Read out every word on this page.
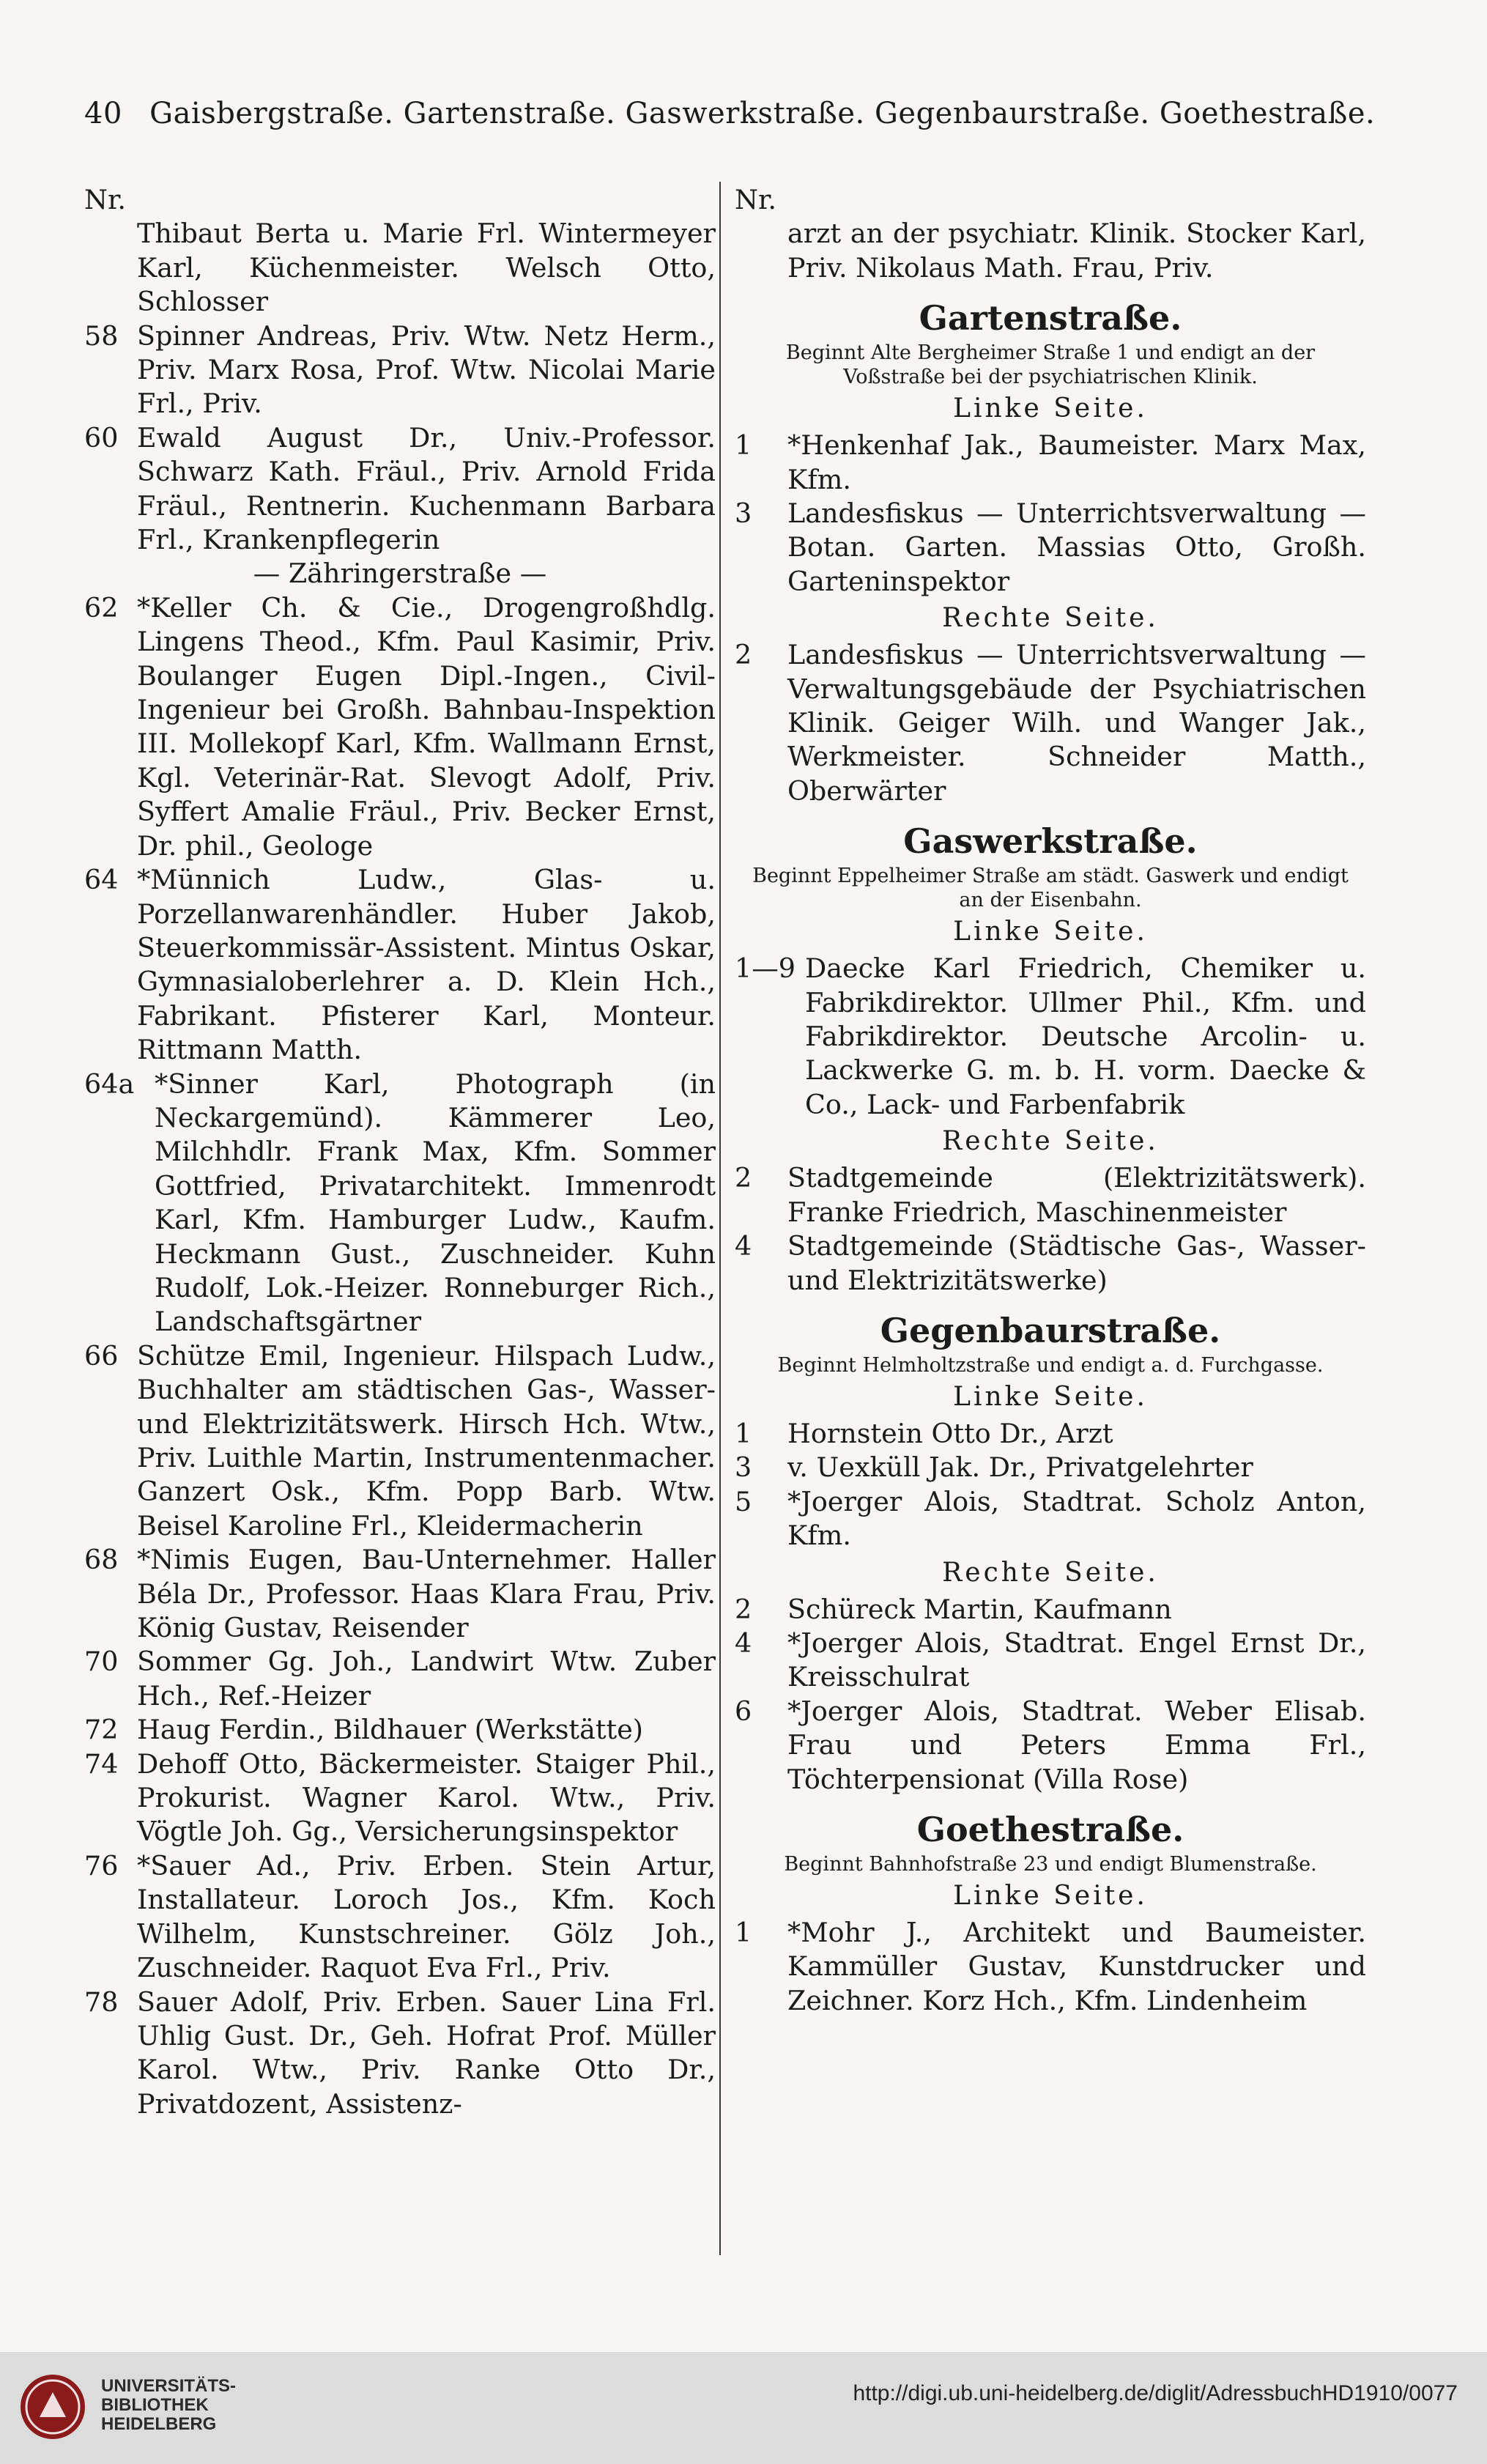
40 Gaisbergstraße. Gartenstraße. Gaswerkstraße. Gegenbaurstraße. Goethestraße.
Nr.
Thibaut Berta u. Marie Frl. Wintermeyer Karl, Küchenmeister. Welsch Otto, Schlosser
58 Spinner Andreas, Priv. Wtw. Netz Herm., Priv. Marx Rosa, Prof. Wtw. Nicolai Marie Frl., Priv.
60 Ewald August Dr., Univ.-Professor. Schwarz Kath. Fräul., Priv. Arnold Frida Fräul., Rentnerin. Kuchenmann Barbara Frl., Krankenpflegerin
— Zähringerstraße —
62 *Keller Ch. & Cie., Drogengroßhdlg. Lingens Theod., Kfm. Paul Kasimir, Priv. Boulanger Eugen Dipl.-Ingen., Civil-Ingenieur bei Großh. Bahnbau-Inspektion III. Mollekopf Karl, Kfm. Wallmann Ernst, Kgl. Veterinär-Rat. Slevogt Adolf, Priv. Syffert Amalie Fräul., Priv. Becker Ernst, Dr. phil., Geologe
64 *Münnich Ludw., Glas- u. Porzellanwarenhändler. Huber Jakob, Steuerkommissär-Assistent. Mintus Oskar, Gymnasialoberlehrer a. D. Klein Hch., Fabrikant. Pfisterer Karl, Monteur. Rittmann Matth.
64a *Sinner Karl, Photograph (in Neckargemünd). Kämmerer Leo, Milchhdlr. Frank Max, Kfm. Sommer Gottfried, Privatarchitekt. Immenrodt Karl, Kfm. Hamburger Ludw., Kaufm. Heckmann Gust., Zuschneider. Kuhn Rudolf, Lok.-Heizer. Ronneburger Rich., Landschaftsgärtner
66 Schütze Emil, Ingenieur. Hilspach Ludw., Buchhalter am städtischen Gas-, Wasser- und Elektrizitätswerk. Hirsch Hch. Wtw., Priv. Luithle Martin, Instrumentenmacher. Ganzert Osk., Kfm. Popp Barb. Wtw. Beisel Karoline Frl., Kleidermacherin
68 *Nimis Eugen, Bau-Unternehmer. Haller Béla Dr., Professor. Haas Klara Frau, Priv. König Gustav, Reisender
70 Sommer Gg. Joh., Landwirt Wtw. Zuber Hch., Ref.-Heizer
72 Haug Ferdin., Bildhauer (Werkstätte)
74 Dehoff Otto, Bäckermeister. Staiger Phil., Prokurist. Wagner Karol. Wtw., Priv. Vögtle Joh. Gg., Versicherungsinspektor
76 *Sauer Ad., Priv. Erben. Stein Artur, Installateur. Loroch Jos., Kfm. Koch Wilhelm, Kunstschreiner. Gölz Joh., Zuschneider. Raquot Eva Frl., Priv.
78 Sauer Adolf, Priv. Erben. Sauer Lina Frl. Uhlig Gust. Dr., Geh. Hofrat Prof. Müller Karol. Wtw., Priv. Ranke Otto Dr., Privatdozent, Assistenz-
Nr.
arzt an der psychiatr. Klinik. Stocker Karl, Priv. Nikolaus Math. Frau, Priv.
Gartenstraße.
Beginnt Alte Bergheimer Straße 1 und endigt an der Voßstraße bei der psychiatrischen Klinik.
Linke Seite.
1	*Henkenhaf Jak., Baumeister. Marx Max, Kfm.
3	Landesfiskus — Unterrichtsverwaltung — Botan. Garten. Massias Otto, Großh. Garteninspektor
Rechte Seite.
2	Landesfiskus — Unterrichtsverwaltung — Verwaltungsgebäude der Psychiatrischen Klinik. Geiger Wilh. und Wanger Jak., Werkmeister. Schneider Matth., Oberwärter
Gaswerkstraße.
Beginnt Eppelheimer Straße am städt. Gaswerk und endigt an der Eisenbahn.
Linke Seite.
1—9 Daecke Karl Friedrich, Chemiker u. Fabrikdirektor. Ullmer Phil., Kfm. und Fabrikdirektor. Deutsche Arcolin- u. Lackwerke G. m. b. H. vorm. Daecke & Co., Lack- und Farbenfabrik
Rechte Seite.
2	Stadtgemeinde (Elektrizitätswerk). Franke Friedrich, Maschinenmeister
4	Stadtgemeinde (Städtische Gas-, Wasser- und Elektrizitätswerke)
Gegenbaurstraße.
Beginnt Helmholtzstraße und endigt a. d. Furchgasse.
Linke Seite.
1	Hornstein Otto Dr., Arzt
3	v. Uexküll Jak. Dr., Privatgelehrter
5	*Joerger Alois, Stadtrat. Scholz Anton, Kfm.
Rechte Seite.
2	Schüreck Martin, Kaufmann
4	*Joerger Alois, Stadtrat. Engel Ernst Dr., Kreisschulrat
6	*Joerger Alois, Stadtrat. Weber Elisab. Frau und Peters Emma Frl., Töchterpensionat (Villa Rose)
Goethestraße.
Beginnt Bahnhofstraße 23 und endigt Blumenstraße.
Linke Seite.
1	*Mohr J., Architekt und Baumeister. Kammüller Gustav, Kunstdrucker und Zeichner. Korz Hch., Kfm. Lindenheim
UNIVERSITÄTS-
BIBLIOTHEK
HEIDELBERG
http://digi.ub.uni-heidelberg.de/diglit/AdressbuchHD1910/0077
